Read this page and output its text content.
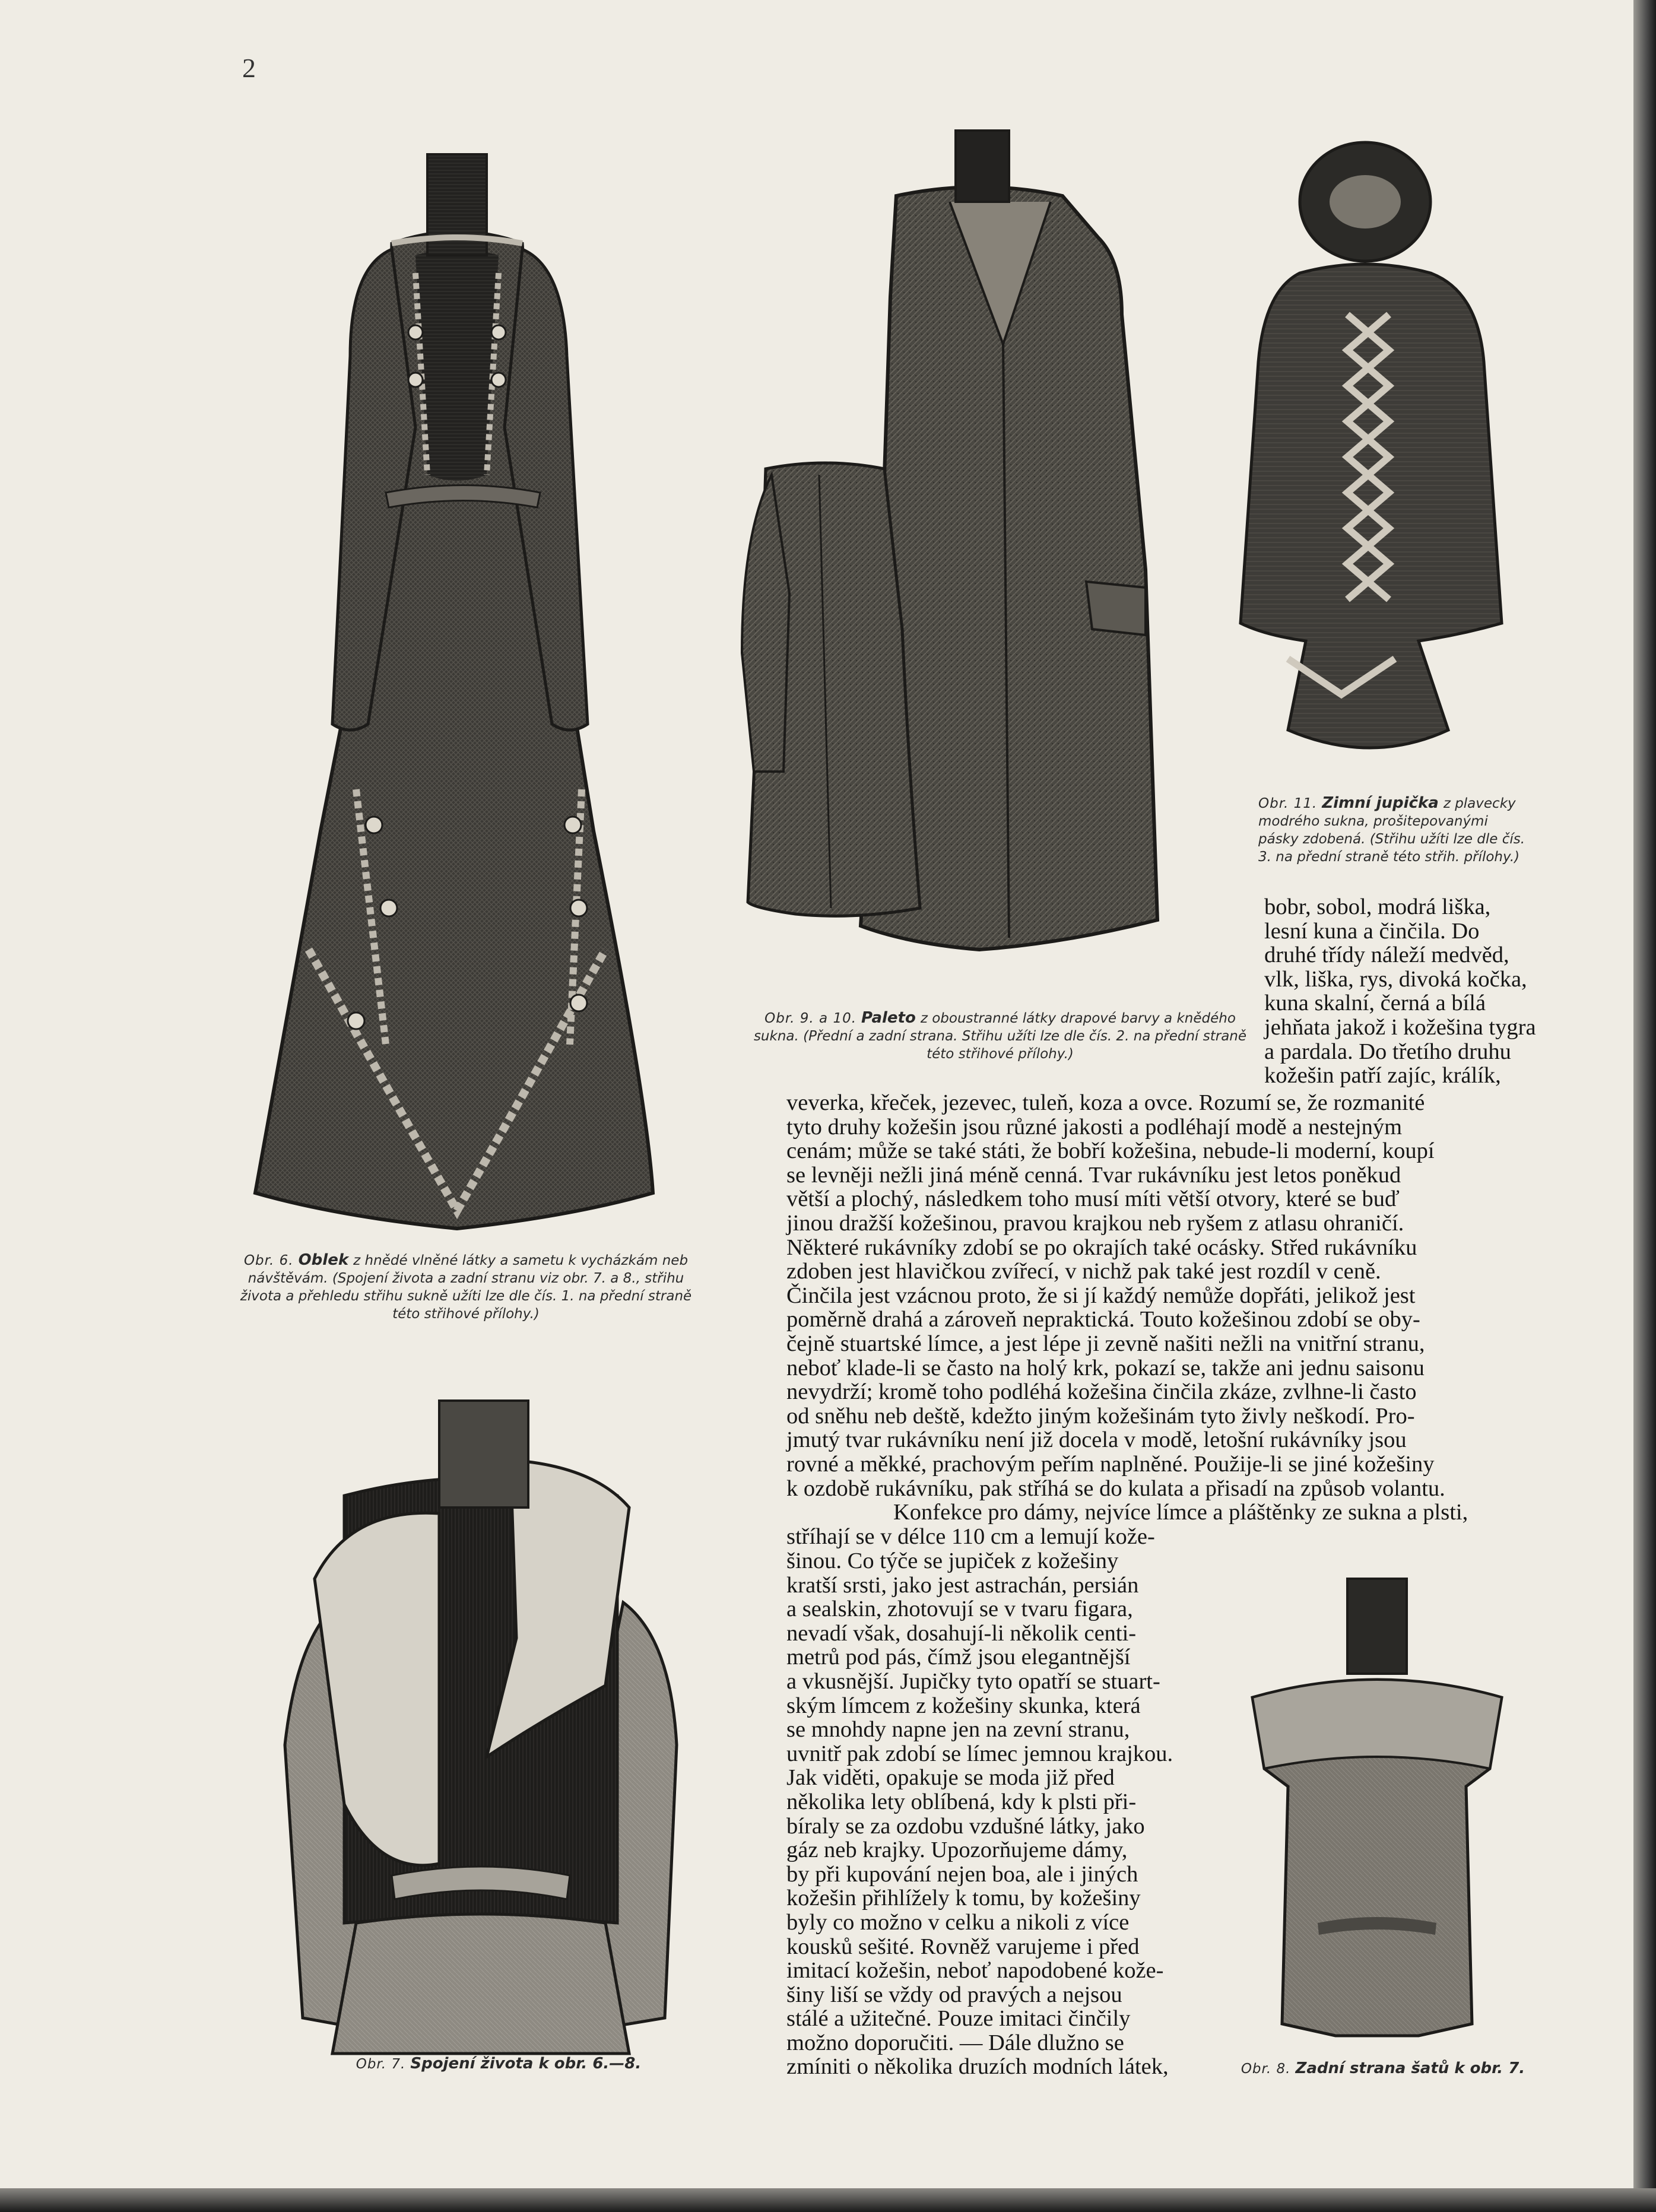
2
Obr. 6. Oblek z hnědé vlněné látky a sametu k vycházkám neb návštěvám. (Spojení života a zadní stranu viz obr. 7. a 8., střihu života a přehledu střihu sukně užíti lze dle čís. 1. na přední straně této střihové přílohy.)
Obr. 9. a 10. Paleto z oboustranné látky drapové barvy a knědého sukna. (Přední a zadní strana. Střihu užíti lze dle čís. 2. na přední straně této střihové přílohy.)
Obr. 11. Zimní jupička z plavecky modrého sukna, prošitepovanými pásky zdobená. (Střihu užíti lze dle čís. 3. na přední straně této střih. přílohy.)
Obr. 7. Spojení života k obr. 6.—8.	Obr. 8. Zadní strana šatů k obr. 7.
bobr, sobol, modrá liška,
lesní kuna a činčila. Do
druhé třídy náleží medvěd,
vlk, liška, rys, divoká kočka,
kuna skalní, černá a bílá
jehňata jakož i kožešina tygra
a pardala. Do třetího druhu
kožešin patří zajíc, králík,
veverka, křeček, jezevec, tuleň, koza a ovce. Rozumí se, že rozmanité
tyto druhy kožešin jsou různé jakosti a podléhají modě a nestejným
cenám; může se také státi, že bobří kožešina, nebude-li moderní, koupí
se levněji nežli jiná méně cenná. Tvar rukávníku jest letos poněkud
větší a plochý, následkem toho musí míti větší otvory, které se buď
jinou dražší kožešinou, pravou krajkou neb ryšem z atlasu ohraničí.
Některé rukávníky zdobí se po okrajích také ocásky. Střed rukávníku
zdoben jest hlavičkou zvířecí, v nichž pak také jest rozdíl v ceně.
Činčila jest vzácnou proto, že si jí každý nemůže dopřáti, jelikož jest
poměrně drahá a zároveň nepraktická. Touto kožešinou zdobí se oby-
čejně stuartské límce, a jest lépe ji zevně našiti nežli na vnitřní stranu,
neboť klade-li se často na holý krk, pokazí se, takže ani jednu saisonu
nevydrží; kromě toho podléhá kožešina činčila zkáze, zvlhne-li často
od sněhu neb deště, kdežto jiným kožešinám tyto živly neškodí. Pro-
jmutý tvar rukávníku není již docela v modě, letošní rukávníky jsou
rovné a měkké, prachovým peřím naplněné. Použije-li se jiné kožešiny
k ozdobě rukávníku, pak stříhá se do kulata a přisadí na způsob volantu.
Konfekce pro dámy, nejvíce límce a pláštěnky ze sukna a plsti,
stříhají se v délce 110 cm a lemují kože-
šinou. Co týče se jupiček z kožešiny
kratší srsti, jako jest astrachán, persián
a sealskin, zhotovují se v tvaru figara,
nevadí však, dosahují-li několik centi-
metrů pod pás, čímž jsou elegantnější
a vkusnější. Jupičky tyto opatří se stuart-
ským límcem z kožešiny skunka, která
se mnohdy napne jen na zevní stranu,
uvnitř pak zdobí se límec jemnou krajkou.
Jak viděti, opakuje se moda již před
několika lety oblíbená, kdy k plsti při-
bíraly se za ozdobu vzdušné látky, jako
gáz neb krajky. Upozorňujeme dámy,
by při kupování nejen boa, ale i jiných
kožešin přihlížely k tomu, by kožešiny
byly co možno v celku a nikoli z více
kousků sešité. Rovněž varujeme i před
imitací kožešin, neboť napodobené kože-
šiny liší se vždy od pravých a nejsou
stálé a užitečné. Pouze imitaci činčily
možno doporučiti. — Dále dlužno se
zmíniti o několika druzích modních látek,
